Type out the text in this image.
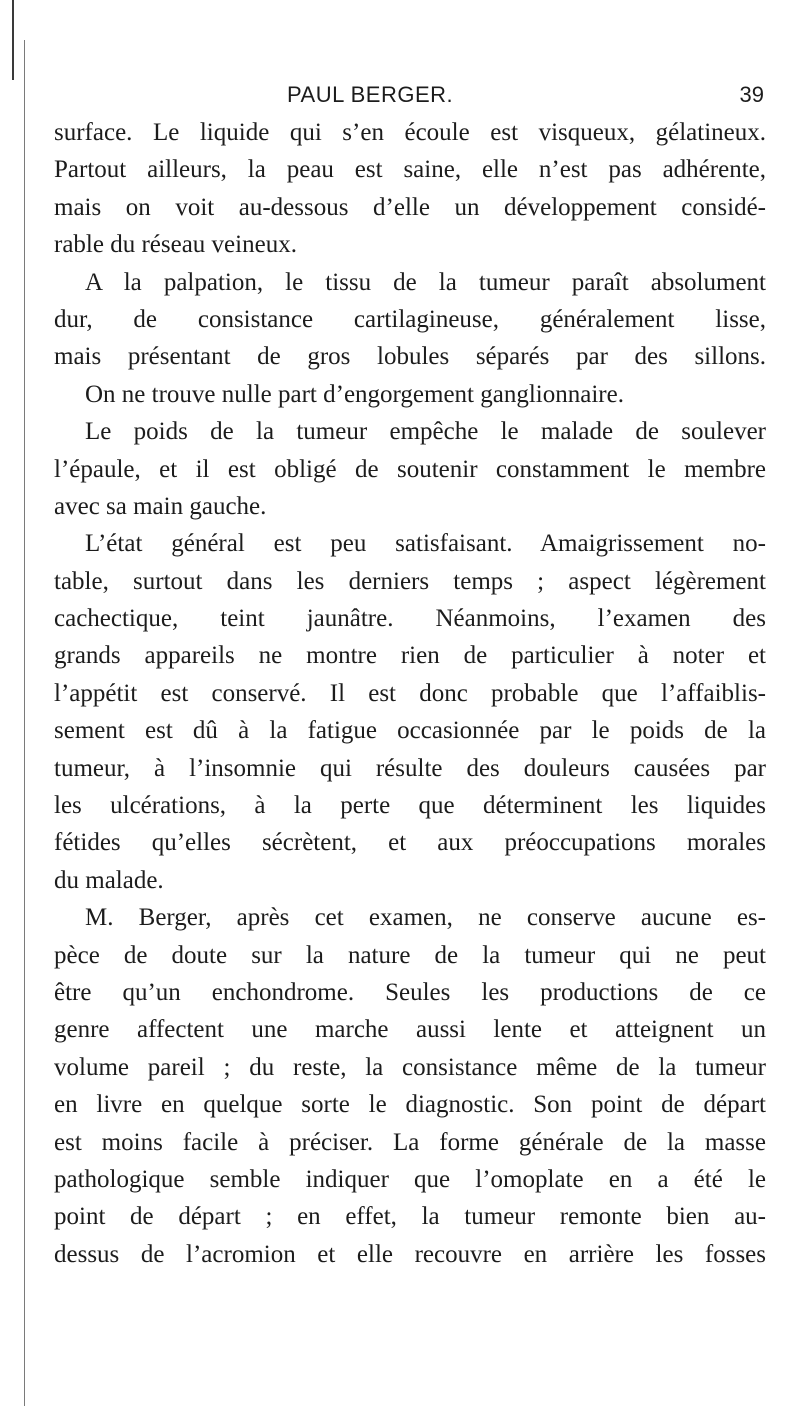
PAUL BERGER.	39
surface. Le liquide qui s’en écoule est visqueux, gélatineux.
Partout ailleurs, la peau est saine, elle n’est pas adhérente,
mais on voit au-dessous d’elle un développement considé-
rable du réseau veineux.
A la palpation, le tissu de la tumeur paraît absolument
dur, de consistance cartilagineuse, généralement lisse,
mais présentant de gros lobules séparés par des sillons.
On ne trouve nulle part d’engorgement ganglionnaire.
Le poids de la tumeur empêche le malade de soulever
l’épaule, et il est obligé de soutenir constamment le membre
avec sa main gauche.
L’état général est peu satisfaisant. Amaigrissement no-
table, surtout dans les derniers temps ; aspect légèrement
cachectique, teint jaunâtre. Néanmoins, l’examen des
grands appareils ne montre rien de particulier à noter et
l’appétit est conservé. Il est donc probable que l’affaiblis-
sement est dû à la fatigue occasionnée par le poids de la
tumeur, à l’insomnie qui résulte des douleurs causées par
les ulcérations, à la perte que déterminent les liquides
fétides qu’elles sécrètent, et aux préoccupations morales
du malade.
M. Berger, après cet examen, ne conserve aucune es-
pèce de doute sur la nature de la tumeur qui ne peut
être qu’un enchondrome. Seules les productions de ce
genre affectent une marche aussi lente et atteignent un
volume pareil ; du reste, la consistance même de la tumeur
en livre en quelque sorte le diagnostic. Son point de départ
est moins facile à préciser. La forme générale de la masse
pathologique semble indiquer que l’omoplate en a été le
point de départ ; en effet, la tumeur remonte bien au-
dessus de l’acromion et elle recouvre en arrière les fosses
